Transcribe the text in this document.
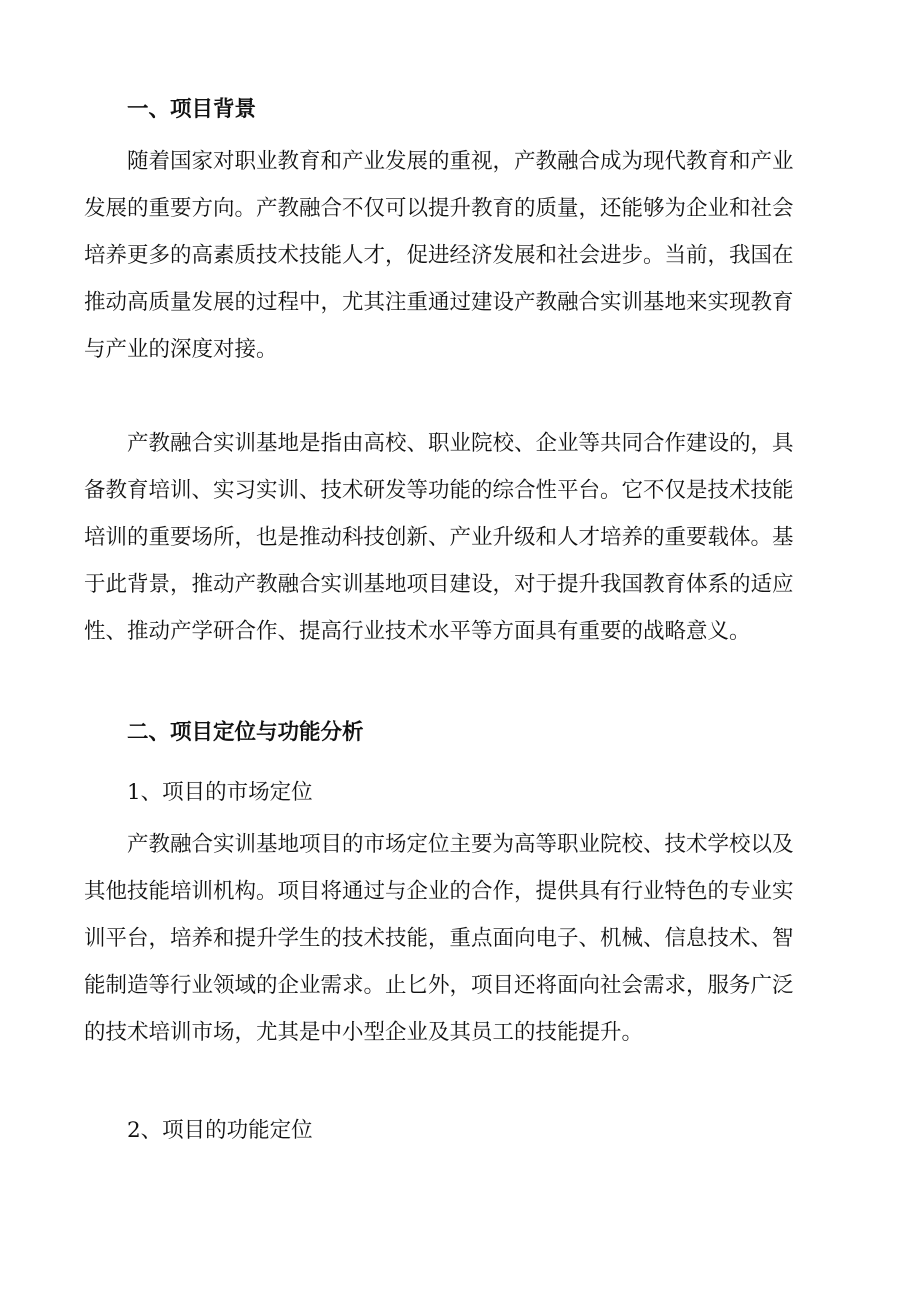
一、项目背景
随着国家对职业教育和产业发展的重视，产教融合成为现代教育和产业
发展的重要方向。产教融合不仅可以提升教育的质量，还能够为企业和社会
培养更多的高素质技术技能人才，促进经济发展和社会进步。当前，我国在
推动高质量发展的过程中，尤其注重通过建设产教融合实训基地来实现教育
与产业的深度对接。
产教融合实训基地是指由高校、职业院校、企业等共同合作建设的，具
备教育培训、实习实训、技术研发等功能的综合性平台。它不仅是技术技能
培训的重要场所，也是推动科技创新、产业升级和人才培养的重要载体。基
于此背景，推动产教融合实训基地项目建设，对于提升我国教育体系的适应
性、推动产学研合作、提高行业技术水平等方面具有重要的战略意义。
二、项目定位与功能分析
1、项目的市场定位
产教融合实训基地项目的市场定位主要为高等职业院校、技术学校以及
其他技能培训机构。项目将通过与企业的合作，提供具有行业特色的专业实
训平台，培养和提升学生的技术技能，重点面向电子、机械、信息技术、智
能制造等行业领域的企业需求。止匕外，项目还将面向社会需求，服务广泛
的技术培训市场，尤其是中小型企业及其员工的技能提升。
2、项目的功能定位
